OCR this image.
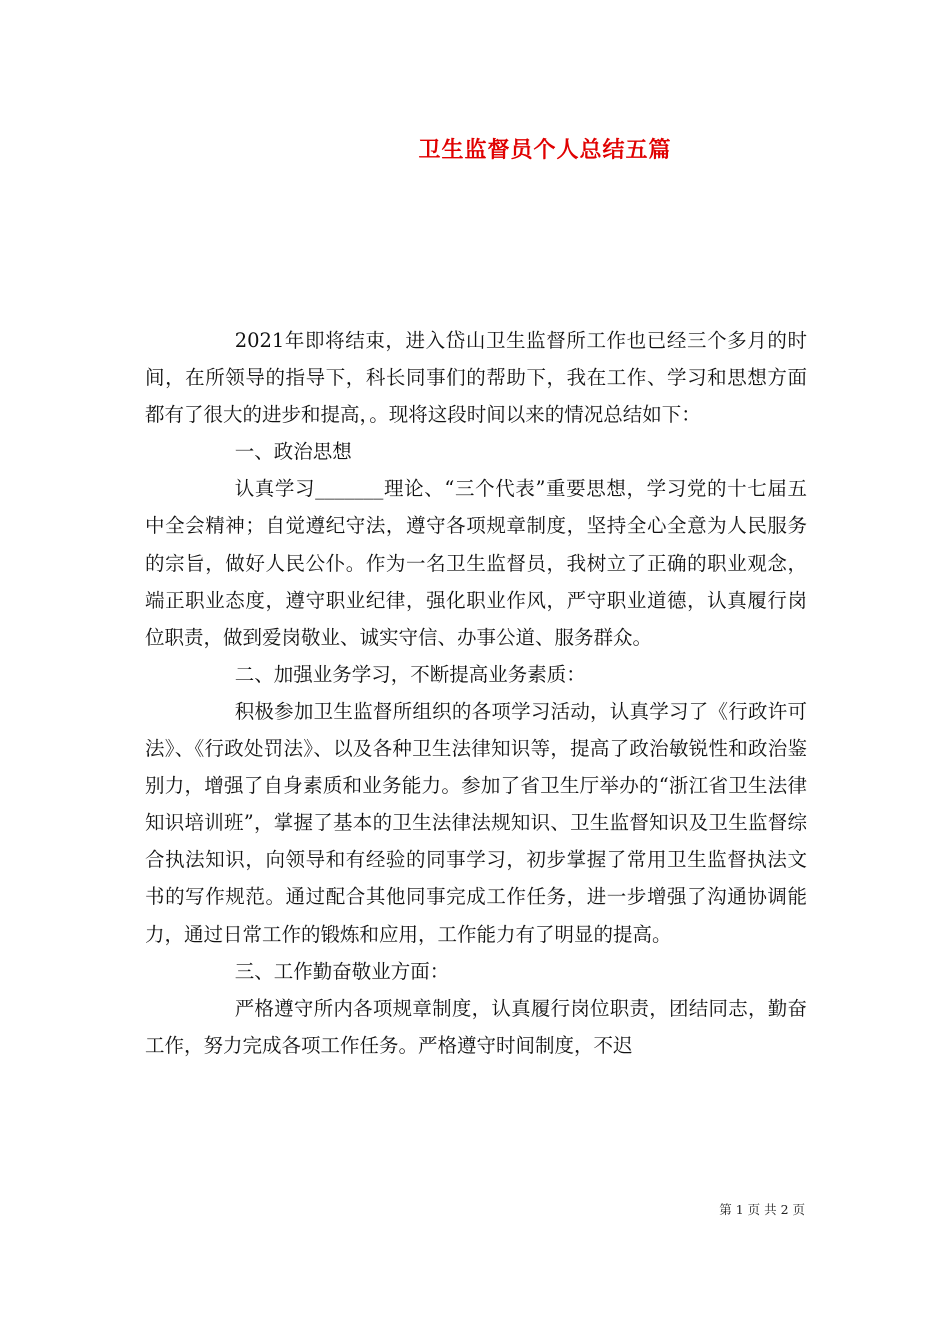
卫生监督员个人总结五篇

2021年即将结束，进入岱山卫生监督所工作也已经三个多月的时间，在所领导的指导下，科长同事们的帮助下，我在工作、学习和思想方面都有了很大的进步和提高，。现将这段时间以来的情况总结如下：

一、政治思想

认真学习_______理论、“三个代表”重要思想，学习党的十七届五中全会精神；自觉遵纪守法，遵守各项规章制度，坚持全心全意为人民服务的宗旨，做好人民公仆。作为一名卫生监督员，我树立了正确的职业观念，端正职业态度，遵守职业纪律，强化职业作风，严守职业道德，认真履行岗位职责，做到爱岗敬业、诚实守信、办事公道、服务群众。

二、加强业务学习，不断提高业务素质：

积极参加卫生监督所组织的各项学习活动，认真学习了《行政许可法》、《行政处罚法》、以及各种卫生法律知识等，提高了政治敏锐性和政治鉴别力，增强了自身素质和业务能力。参加了省卫生厅举办的“浙江省卫生法律知识培训班”，掌握了基本的卫生法律法规知识、卫生监督知识及卫生监督综合执法知识，向领导和有经验的同事学习，初步掌握了常用卫生监督执法文书的写作规范。通过配合其他同事完成工作任务，进一步增强了沟通协调能力，通过日常工作的锻炼和应用，工作能力有了明显的提高。

三、工作勤奋敬业方面：

严格遵守所内各项规章制度，认真履行岗位职责，团结同志，勤奋工作，努力完成各项工作任务。严格遵守时间制度，不迟

第 1 页 共 2 页
